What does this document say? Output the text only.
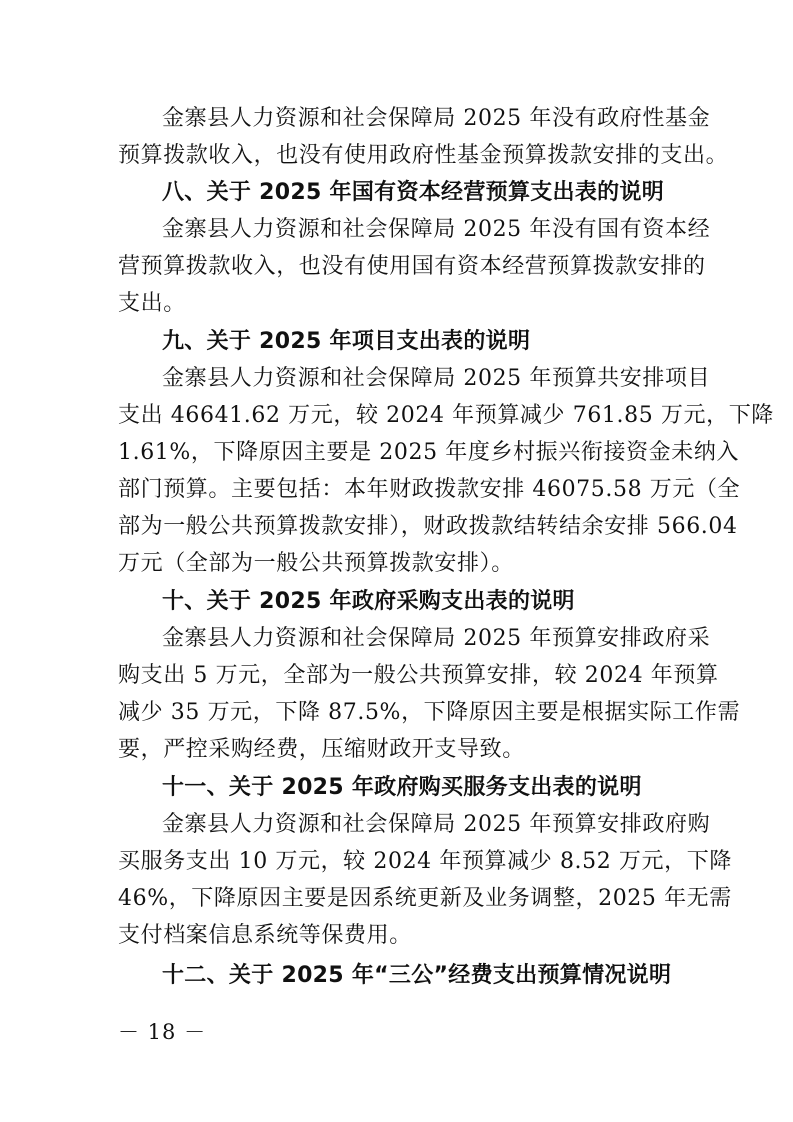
金寨县人力资源和社会保障局 2025 年没有政府性基金
预算拨款收入，也没有使用政府性基金预算拨款安排的支出。
八、关于 2025 年国有资本经营预算支出表的说明
金寨县人力资源和社会保障局 2025 年没有国有资本经
营预算拨款收入，也没有使用国有资本经营预算拨款安排的
支出。
九、关于 2025 年项目支出表的说明
金寨县人力资源和社会保障局 2025 年预算共安排项目
支出 46641.62 万元，较 2024 年预算减少 761.85 万元，下降
1.61%，下降原因主要是 2025 年度乡村振兴衔接资金未纳入
部门预算。主要包括：本年财政拨款安排 46075.58 万元（全
部为一般公共预算拨款安排），财政拨款结转结余安排 566.04
万元（全部为一般公共预算拨款安排）。
十、关于 2025 年政府采购支出表的说明
金寨县人力资源和社会保障局 2025 年预算安排政府采
购支出 5 万元，全部为一般公共预算安排，较 2024 年预算
减少 35 万元，下降 87.5%，下降原因主要是根据实际工作需
要，严控采购经费，压缩财政开支导致。
十一、关于 2025 年政府购买服务支出表的说明
金寨县人力资源和社会保障局 2025 年预算安排政府购
买服务支出 10 万元，较 2024 年预算减少 8.52 万元，下降
46%，下降原因主要是因系统更新及业务调整，2025 年无需
支付档案信息系统等保费用。
十二、关于 2025 年“三公”经费支出预算情况说明
－ 18 －
